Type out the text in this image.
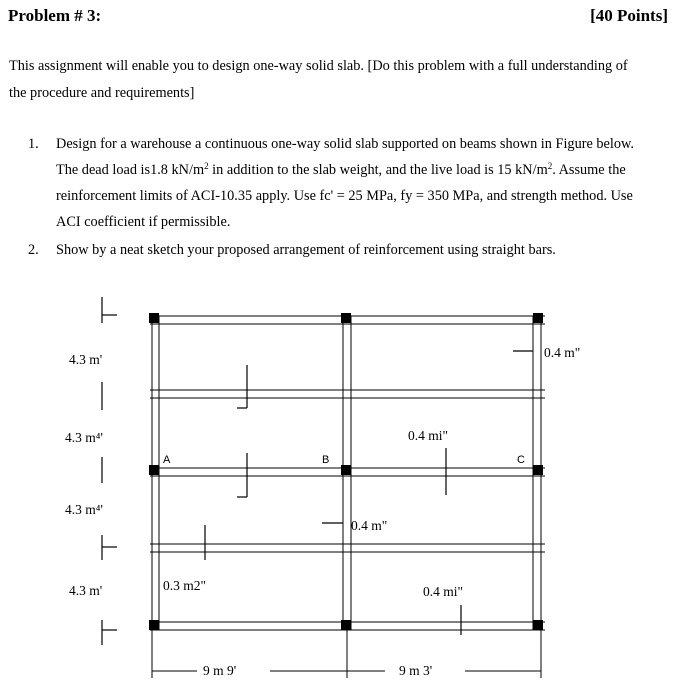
Problem # 3:	[40 Points]
This assignment will enable you to design one-way solid slab. [Do this problem with a full understanding of
the procedure and requirements]
1. Design for a warehouse a continuous one-way solid slab supported on beams shown in Figure below.
The dead load is1.8 $kN/m^2$ in addition to the slab weight, and the live load is 15 $kN/m^2$. Assume the
reinforcement limits of ACI-10.35 apply. Use fc' = 25 MPa, fy = 350 MPa, and strength method. Use
ACI coefficient if permissible.
2. Show by a neat sketch your proposed arrangement of reinforcement using straight bars.
4.3 m'
4.3 m⁴'
4.3 m⁴'
4.3 m'
0.4 m"
0.4 mi"
0.4 m"
0.3 m2"	0.4 mi"
A	B	C
9 m 9'	9 m 3'
